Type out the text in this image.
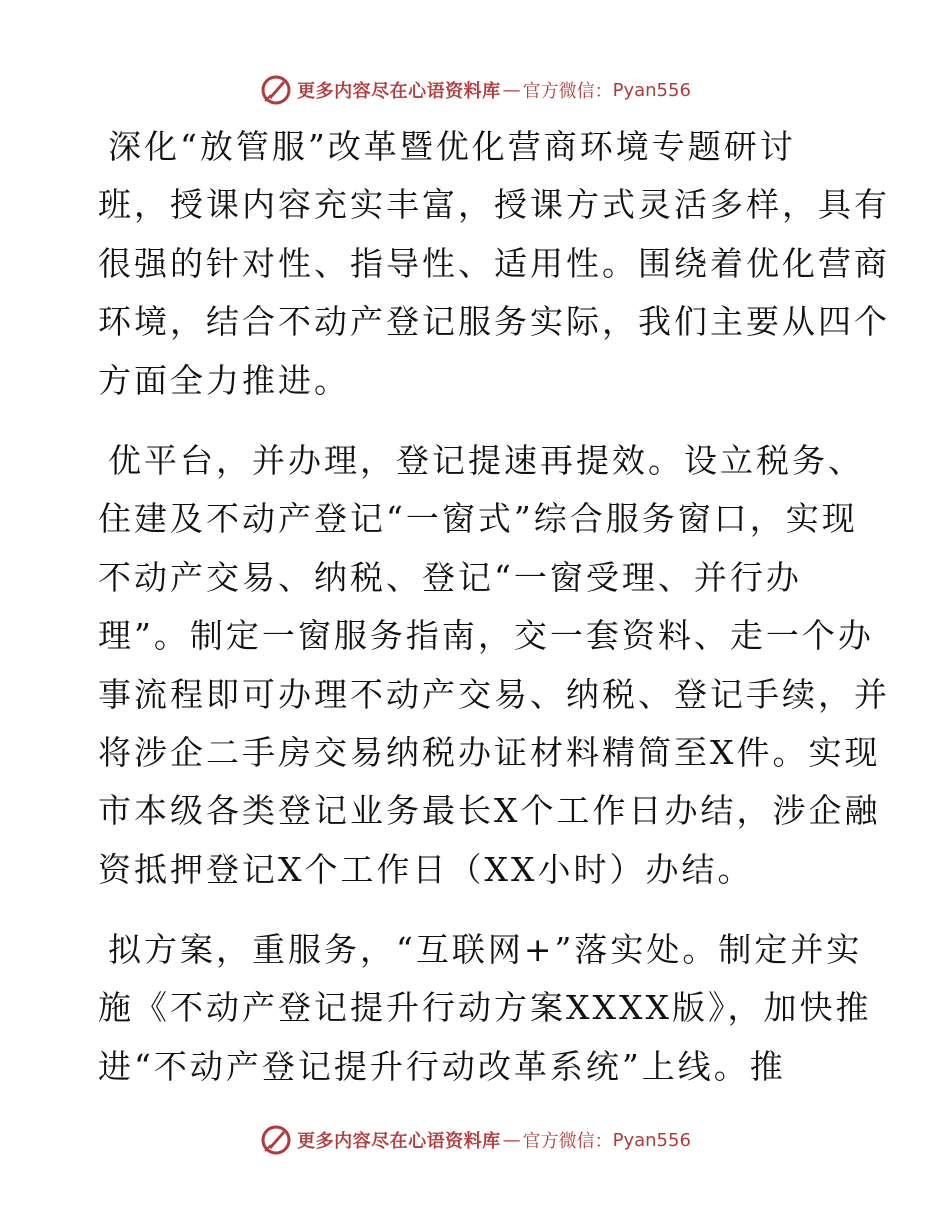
更多内容尽在心语资料库 — 官方微信： Pyan556
深化“放管服”改革暨优化营商环境专题研讨
班，授课内容充实丰富，授课方式灵活多样，具有
很强的针对性、指导性、适用性。围绕着优化营商
环境，结合不动产登记服务实际，我们主要从四个
方面全力推进。
优平台，并办理，登记提速再提效。设立税务、
住建及不动产登记“一窗式”综合服务窗口，实现
不动产交易、纳税、登记“一窗受理、并行办
理”。制定一窗服务指南，交一套资料、走一个办
事流程即可办理不动产交易、纳税、登记手续，并
将涉企二手房交易纳税办证材料精简至X件。实现
市本级各类登记业务最长X个工作日办结，涉企融
资抵押登记X个工作日（XX小时）办结。
拟方案，重服务，“互联网+”落实处。制定并实
施《不动产登记提升行动方案XXXX版》，加快推
进“不动产登记提升行动改革系统”上线。推
更多内容尽在心语资料库 — 官方微信： Pyan556
